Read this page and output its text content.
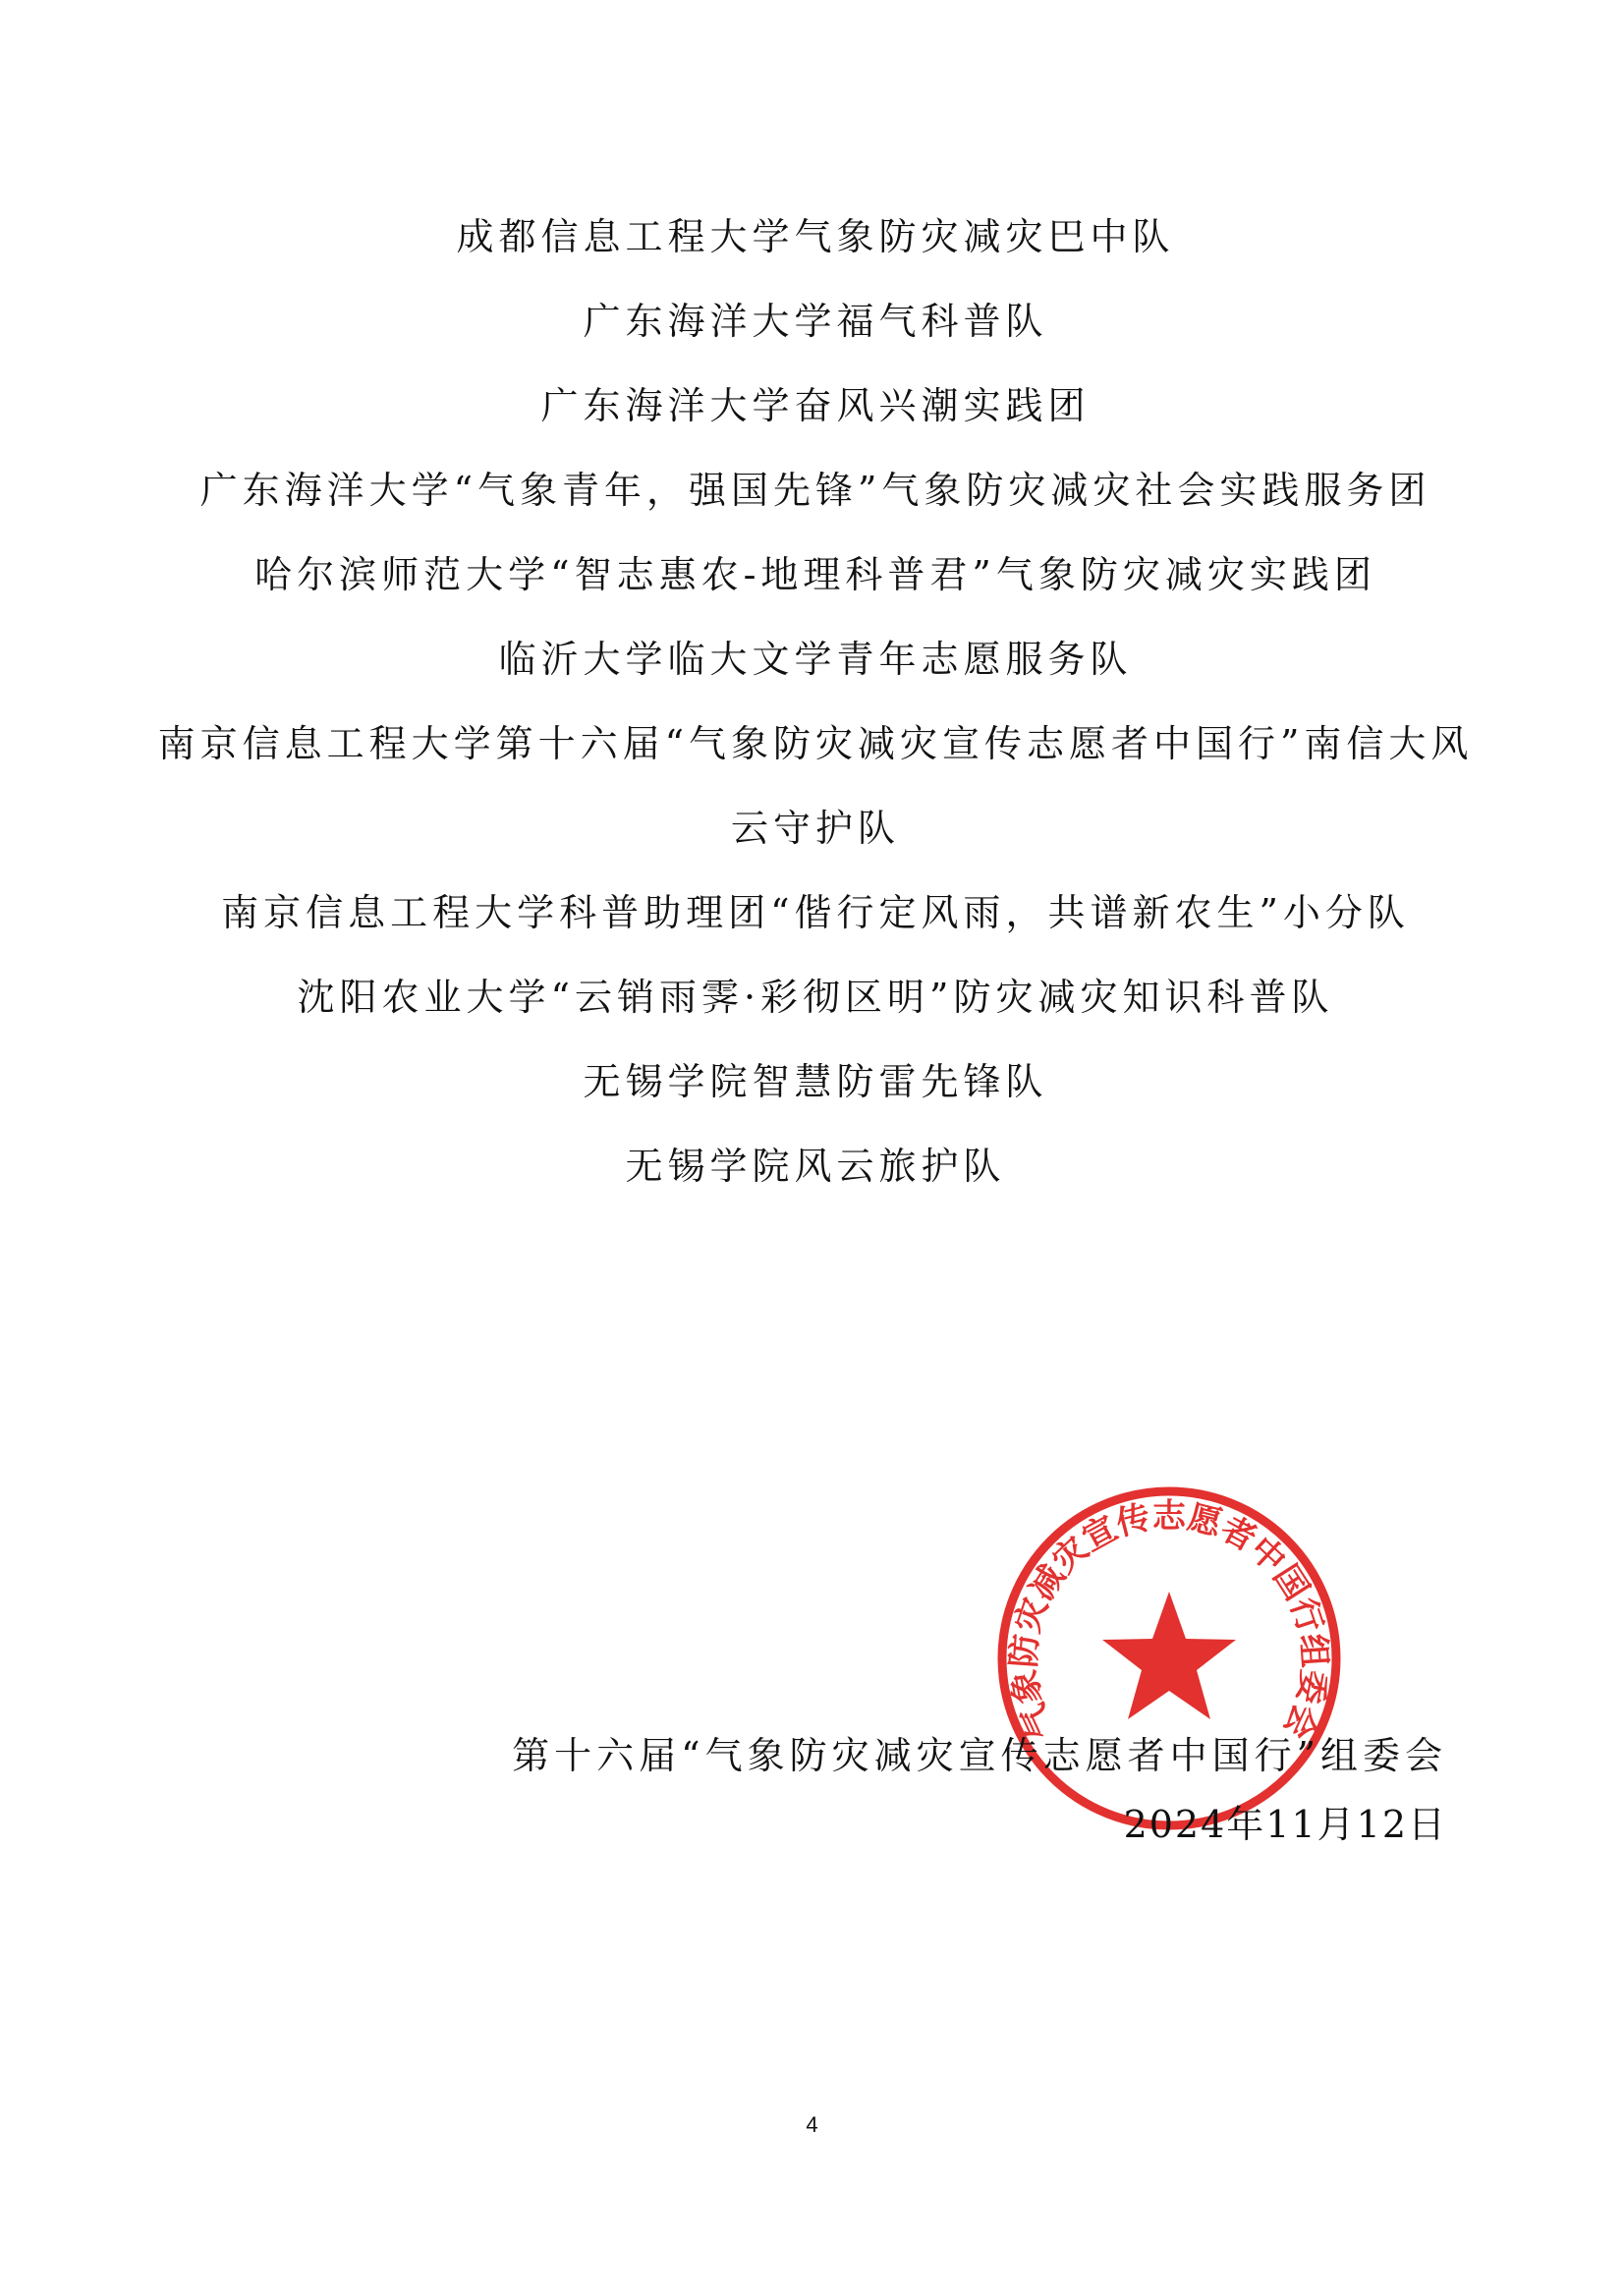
成都信息工程大学气象防灾减灾巴中队
广东海洋大学福气科普队
广东海洋大学奋风兴潮实践团
广东海洋大学“气象青年，强国先锋”气象防灾减灾社会实践服务团
哈尔滨师范大学“智志惠农-地理科普君”气象防灾减灾实践团
临沂大学临大文学青年志愿服务队
南京信息工程大学第十六届“气象防灾减灾宣传志愿者中国行”南信大风云守护队
南京信息工程大学科普助理团“偕行定风雨，共谱新农生”小分队
沈阳农业大学“云销雨霁·彩彻区明”防灾减灾知识科普队
无锡学院智慧防雷先锋队
无锡学院风云旅护队
气象防灾减灾宣传志愿者中国行组委会
第十六届“气象防灾减灾宣传志愿者中国行”组委会
2024年11月12日
4
